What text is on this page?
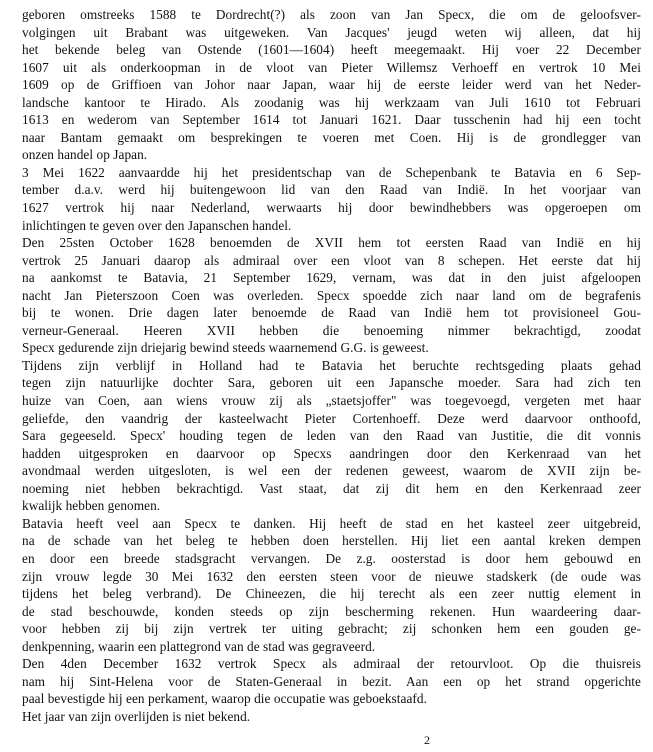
geboren omstreeks 1588 te Dordrecht(?) als zoon van Jan Specx, die om de geloofsver-
volgingen uit Brabant was uitgeweken. Van Jacques' jeugd weten wij alleen, dat hij
het bekende beleg van Ostende (1601—1604) heeft meegemaakt. Hij voer 22 December
1607 uit als onderkoopman in de vloot van Pieter Willemsz Verhoeff en vertrok 10 Mei
1609 op de Griffioen van Johor naar Japan, waar hij de eerste leider werd van het Neder-
landsche kantoor te Hirado. Als zoodanig was hij werkzaam van Juli 1610 tot Februari
1613 en wederom van September 1614 tot Januari 1621. Daar tusschenin had hij een tocht
naar Bantam gemaakt om besprekingen te voeren met Coen. Hij is de grondlegger van
onzen handel op Japan.
3 Mei 1622 aanvaardde hij het presidentschap van de Schepenbank te Batavia en 6 Sep-
tember d.a.v. werd hij buitengewoon lid van den Raad van Indië. In het voorjaar van
1627 vertrok hij naar Nederland, werwaarts hij door bewindhebbers was opgeroepen om
inlichtingen te geven over den Japanschen handel.
Den 25sten October 1628 benoemden de XVII hem tot eersten Raad van Indië en hij
vertrok 25 Januari daarop als admiraal over een vloot van 8 schepen. Het eerste dat hij
na aankomst te Batavia, 21 September 1629, vernam, was dat in den juist afgeloopen
nacht Jan Pieterszoon Coen was overleden. Specx spoedde zich naar land om de begrafenis
bij te wonen. Drie dagen later benoemde de Raad van Indië hem tot provisioneel Gou-
verneur-Generaal. Heeren XVII hebben die benoeming nimmer bekrachtigd, zoodat
Specx gedurende zijn driejarig bewind steeds waarnemend G.G. is geweest.
Tijdens zijn verblijf in Holland had te Batavia het beruchte rechtsgeding plaats gehad
tegen zijn natuurlijke dochter Sara, geboren uit een Japansche moeder. Sara had zich ten
huize van Coen, aan wiens vrouw zij als „staetsjoffer" was toegevoegd, vergeten met haar
geliefde, den vaandrig der kasteelwacht Pieter Cortenhoeff. Deze werd daarvoor onthoofd,
Sara gegeeseld. Specx' houding tegen de leden van den Raad van Justitie, die dit vonnis
hadden uitgesproken en daarvoor op Specxs aandringen door den Kerkenraad van het
avondmaal werden uitgesloten, is wel een der redenen geweest, waarom de XVII zijn be-
noeming niet hebben bekrachtigd. Vast staat, dat zij dit hem en den Kerkenraad zeer
kwalijk hebben genomen.
Batavia heeft veel aan Specx te danken. Hij heeft de stad en het kasteel zeer uitgebreid,
na de schade van het beleg te hebben doen herstellen. Hij liet een aantal kreken dempen
en door een breede stadsgracht vervangen. De z.g. oosterstad is door hem gebouwd en
zijn vrouw legde 30 Mei 1632 den eersten steen voor de nieuwe stadskerk (de oude was
tijdens het beleg verbrand). De Chineezen, die hij terecht als een zeer nuttig element in
de stad beschouwde, konden steeds op zijn bescherming rekenen. Hun waardeering daar-
voor hebben zij bij zijn vertrek ter uiting gebracht; zij schonken hem een gouden ge-
denkpenning, waarin een plattegrond van de stad was gegraveerd.
Den 4den December 1632 vertrok Specx als admiraal der retourvloot. Op die thuisreis
nam hij Sint-Helena voor de Staten-Generaal in bezit. Aan een op het strand opgerichte
paal bevestigde hij een perkament, waarop die occupatie was geboekstaafd.
Het jaar van zijn overlijden is niet bekend.
2
